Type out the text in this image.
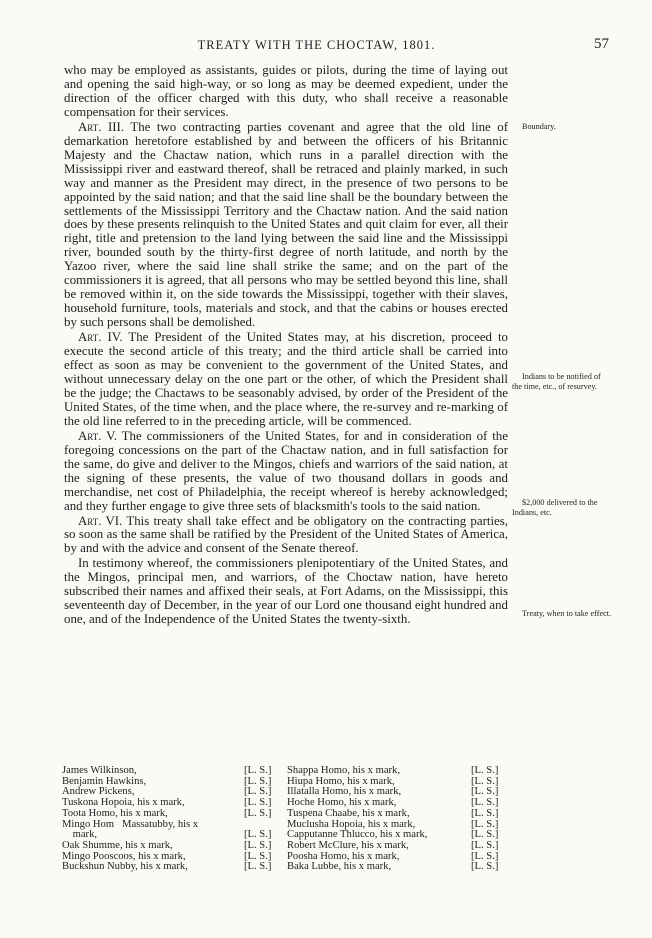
TREATY WITH THE CHOCTAW, 1801.	57

who may be employed as assistants, guides or pilots, during the time of laying out and opening the said high-way, or so long as may be deemed expedient, under the direction of the officer charged with this duty, who shall receive a reasonable compensation for their services.

Art. III. The two contracting parties covenant and agree that the old line of demarkation heretofore established by and between the officers of his Britannic Majesty and the Chactaw nation, which runs in a parallel direction with the Mississippi river and eastward thereof, shall be retraced and plainly marked, in such way and manner as the President may direct, in the presence of two persons to be appointed by the said nation; and that the said line shall be the boundary between the settlements of the Mississippi Territory and the Chactaw nation. And the said nation does by these presents relinquish to the United States and quit claim for ever, all their right, title and pretension to the land lying between the said line and the Mississippi river, bounded south by the thirty-first degree of north latitude, and north by the Yazoo river, where the said line shall strike the same; and on the part of the commissioners it is agreed, that all persons who may be settled beyond this line, shall be removed within it, on the side towards the Mississippi, together with their slaves, household furniture, tools, materials and stock, and that the cabins or houses erected by such persons shall be demolished.

Art. IV. The President of the United States may, at his discretion, proceed to execute the second article of this treaty; and the third article shall be carried into effect as soon as may be convenient to the government of the United States, and without unnecessary delay on the one part or the other, of which the President shall be the judge; the Chactaws to be seasonably advised, by order of the President of the United States, of the time when, and the place where, the re-survey and re-marking of the old line referred to in the preceding article, will be commenced.

Art. V. The commissioners of the United States, for and in consideration of the foregoing concessions on the part of the Chactaw nation, and in full satisfaction for the same, do give and deliver to the Mingos, chiefs and warriors of the said nation, at the signing of these presents, the value of two thousand dollars in goods and merchandise, net cost of Philadelphia, the receipt whereof is hereby acknowledged; and they further engage to give three sets of blacksmith's tools to the said nation.

Art. VI. This treaty shall take effect and be obligatory on the contracting parties, so soon as the same shall be ratified by the President of the United States of America, by and with the advice and consent of the Senate thereof.

In testimony whereof, the commissioners plenipotentiary of the United States, and the Mingos, principal men, and warriors, of the Choctaw nation, have hereto subscribed their names and affixed their seals, at Fort Adams, on the Mississippi, this seventeenth day of December, in the year of our Lord one thousand eight hundred and one, and of the Independence of the United States the twenty-sixth.

Boundary.
Indians to be notified of the time, etc., of resurvey.
$2,000 delivered to the Indians, etc.
Treaty, when to take effect.
James Wilkinson,	[L. S.]
Benjamin Hawkins,	[L. S.]
Andrew Pickens,	[L. S.]
Tuskona Hopoia, his x mark,	[L. S.]
Toota Homo, his x mark,	[L. S.]
Mingo Hom   Massatubby, his x
mark,	[L. S.]
Oak Shumme, his x mark,	[L. S.]
Mingo Pooscoos, his x mark,	[L. S.]
Buckshun Nubby, his x mark,	[L. S.]
Shappa Homo, his x mark,	[L. S.]
Hiupa Homo, his x mark,	[L. S.]
Illatalla Homo, his x mark,	[L. S.]
Hoche Homo, his x mark,	[L. S.]
Tuspena Chaabe, his x mark,	[L. S.]
Muclusha Hopoia, his x mark,	[L. S.]
Capputanne Thlucco, his x mark,	[L. S.]
Robert McClure, his x mark,	[L. S.]
Poosha Homo, his x mark,	[L. S.]
Baka Lubbe, his x mark,	[L. S.]
